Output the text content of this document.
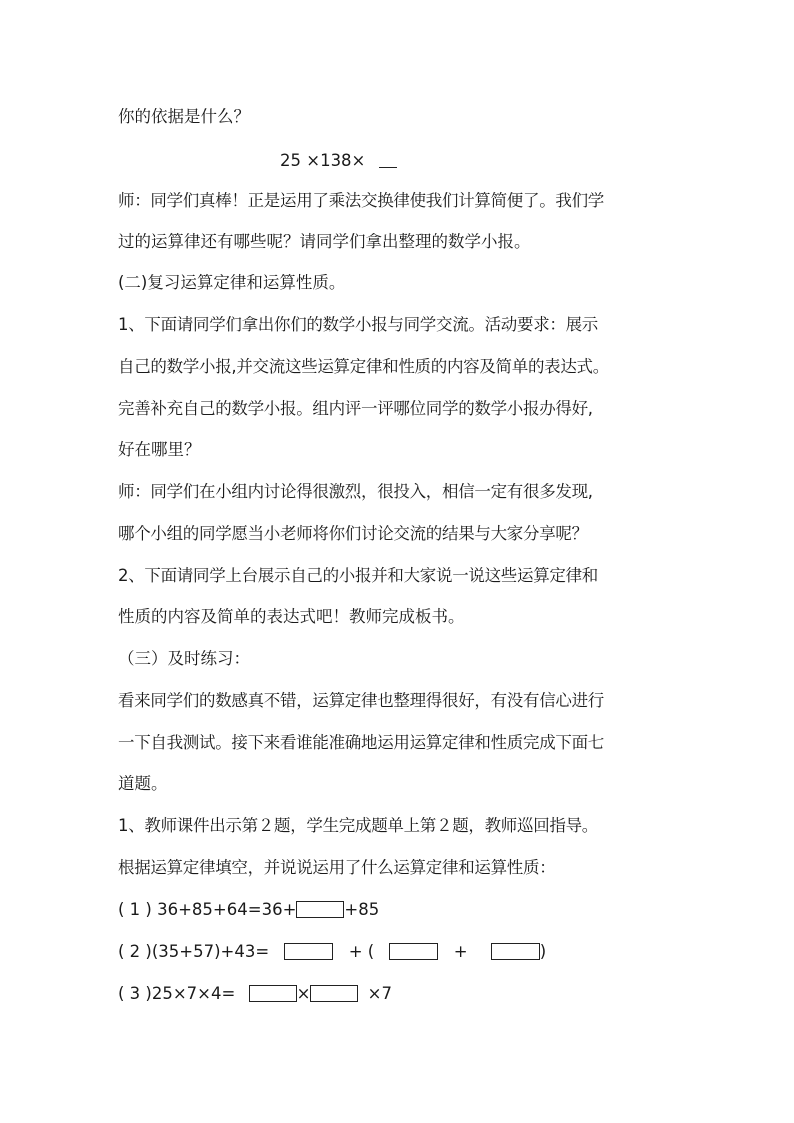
你的依据是什么？
25 ×138×
师：同学们真棒！正是运用了乘法交换律使我们计算简便了。我们学
过的运算律还有哪些呢？请同学们拿出整理的数学小报。
(二)复习运算定律和运算性质。
1、下面请同学们拿出你们的数学小报与同学交流。活动要求：展示
自己的数学小报,并交流这些运算定律和性质的内容及简单的表达式。
完善补充自己的数学小报。组内评一评哪位同学的数学小报办得好,
好在哪里？
师：同学们在小组内讨论得很激烈，很投入，相信一定有很多发现,
哪个小组的同学愿当小老师将你们讨论交流的结果与大家分享呢？
2、下面请同学上台展示自己的小报并和大家说一说这些运算定律和
性质的内容及简单的表达式吧！教师完成板书。
（三）及时练习：
看来同学们的数感真不错，运算定律也整理得很好，有没有信心进行
一下自我测试。接下来看谁能准确地运用运算定律和性质完成下面七
道题。
1、教师课件出示第２题，学生完成题单上第２题，教师巡回指导。
根据运算定律填空，并说说运用了什么运算定律和运算性质：
( 1 ) 36+85+64=36+	+85
( 2 )(35+57)+43=	+ (	+	)
( 3 )25×7×4=	×	×7
